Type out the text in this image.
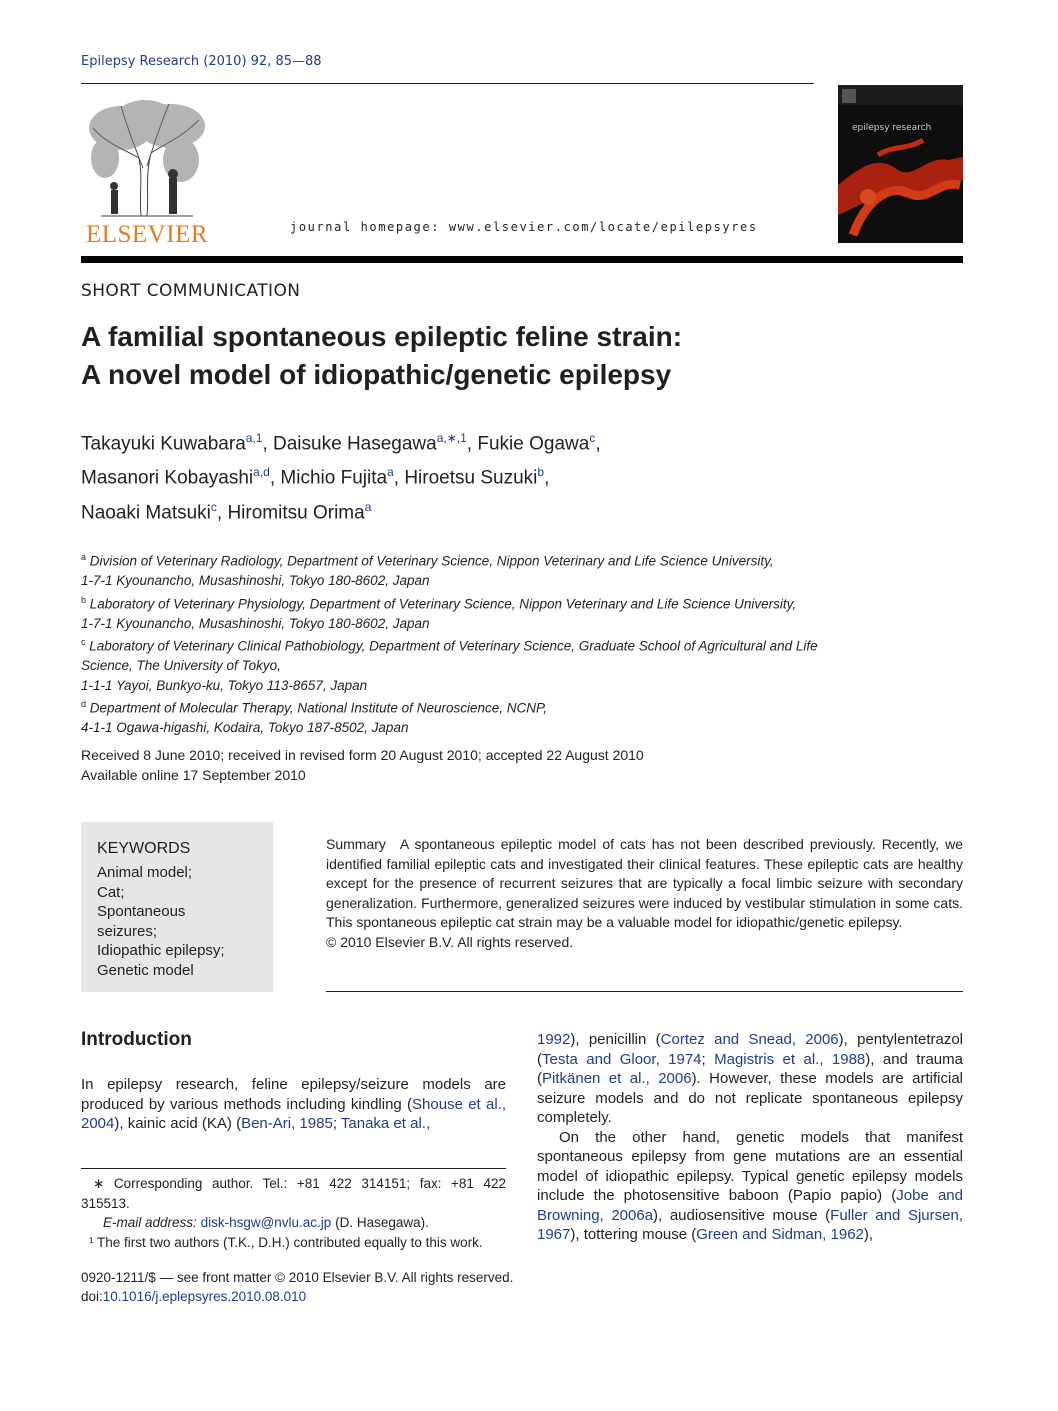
Epilepsy Research (2010) 92, 85—88
ELSEVIER	journal homepage: www.elsevier.com/locate/epilepsyres
epilepsy research
SHORT COMMUNICATION
A familial spontaneous epileptic feline strain:
A novel model of idiopathic/genetic epilepsy
Takayuki Kuwabara$^{a,1}$, Daisuke Hasegawa$^{a,∗,1}$, Fukie Ogawa$^c$,
Masanori Kobayashi$^{a,d}$, Michio Fujita$^a$, Hiroetsu Suzuki$^b$,
Naoaki Matsuki$^c$, Hiromitsu Orima$^a$
$^a$ Division of Veterinary Radiology, Department of Veterinary Science, Nippon Veterinary and Life Science University,
1-7-1 Kyounancho, Musashinoshi, Tokyo 180-8602, Japan
$^b$ Laboratory of Veterinary Physiology, Department of Veterinary Science, Nippon Veterinary and Life Science University,
1-7-1 Kyounancho, Musashinoshi, Tokyo 180-8602, Japan
$^c$ Laboratory of Veterinary Clinical Pathobiology, Department of Veterinary Science, Graduate School of Agricultural and Life
Science, The University of Tokyo,
1-1-1 Yayoi, Bunkyo-ku, Tokyo 113-8657, Japan
$^d$ Department of Molecular Therapy, National Institute of Neuroscience, NCNP,
4-1-1 Ogawa-higashi, Kodaira, Tokyo 187-8502, Japan
Received 8 June 2010; received in revised form 20 August 2010; accepted 22 August 2010
Available online 17 September 2010
KEYWORDS
Animal model;
Cat;
Spontaneous
seizures;
Idiopathic epilepsy;
Genetic model
Summary A spontaneous epileptic model of cats has not been described previously. Recently, we identified familial epileptic cats and investigated their clinical features. These epileptic cats are healthy except for the presence of recurrent seizures that are typically a focal limbic seizure with secondary generalization. Furthermore, generalized seizures were induced by vestibular stimulation in some cats. This spontaneous epileptic cat strain may be a valuable model for idiopathic/genetic epilepsy.
© 2010 Elsevier B.V. All rights reserved.
Introduction

In epilepsy research, feline epilepsy/seizure models are produced by various methods including kindling (Shouse et al., 2004), kainic acid (KA) (Ben-Ari, 1985; Tanaka et al.,

∗ Corresponding author. Tel.: +81 422 314151; fax: +81 422 315513.

E-mail address: disk-hsgw@nvlu.ac.jp (D. Hasegawa).

¹ The first two authors (T.K., D.H.) contributed equally to this work.

1992), penicillin (Cortez and Snead, 2006), pentylentetrazol (Testa and Gloor, 1974; Magistris et al., 1988), and trauma (Pitkänen et al., 2006). However, these models are artificial seizure models and do not replicate spontaneous epilepsy completely.

On the other hand, genetic models that manifest spontaneous epilepsy from gene mutations are an essential model of idiopathic epilepsy. Typical genetic epilepsy models include the photosensitive baboon (Papio papio) (Jobe and Browning, 2006a), audiosensitive mouse (Fuller and Sjursen, 1967), tottering mouse (Green and Sidman, 1962),

0920-1211/$ — see front matter © 2010 Elsevier B.V. All rights reserved.
doi:10.1016/j.eplepsyres.2010.08.010
